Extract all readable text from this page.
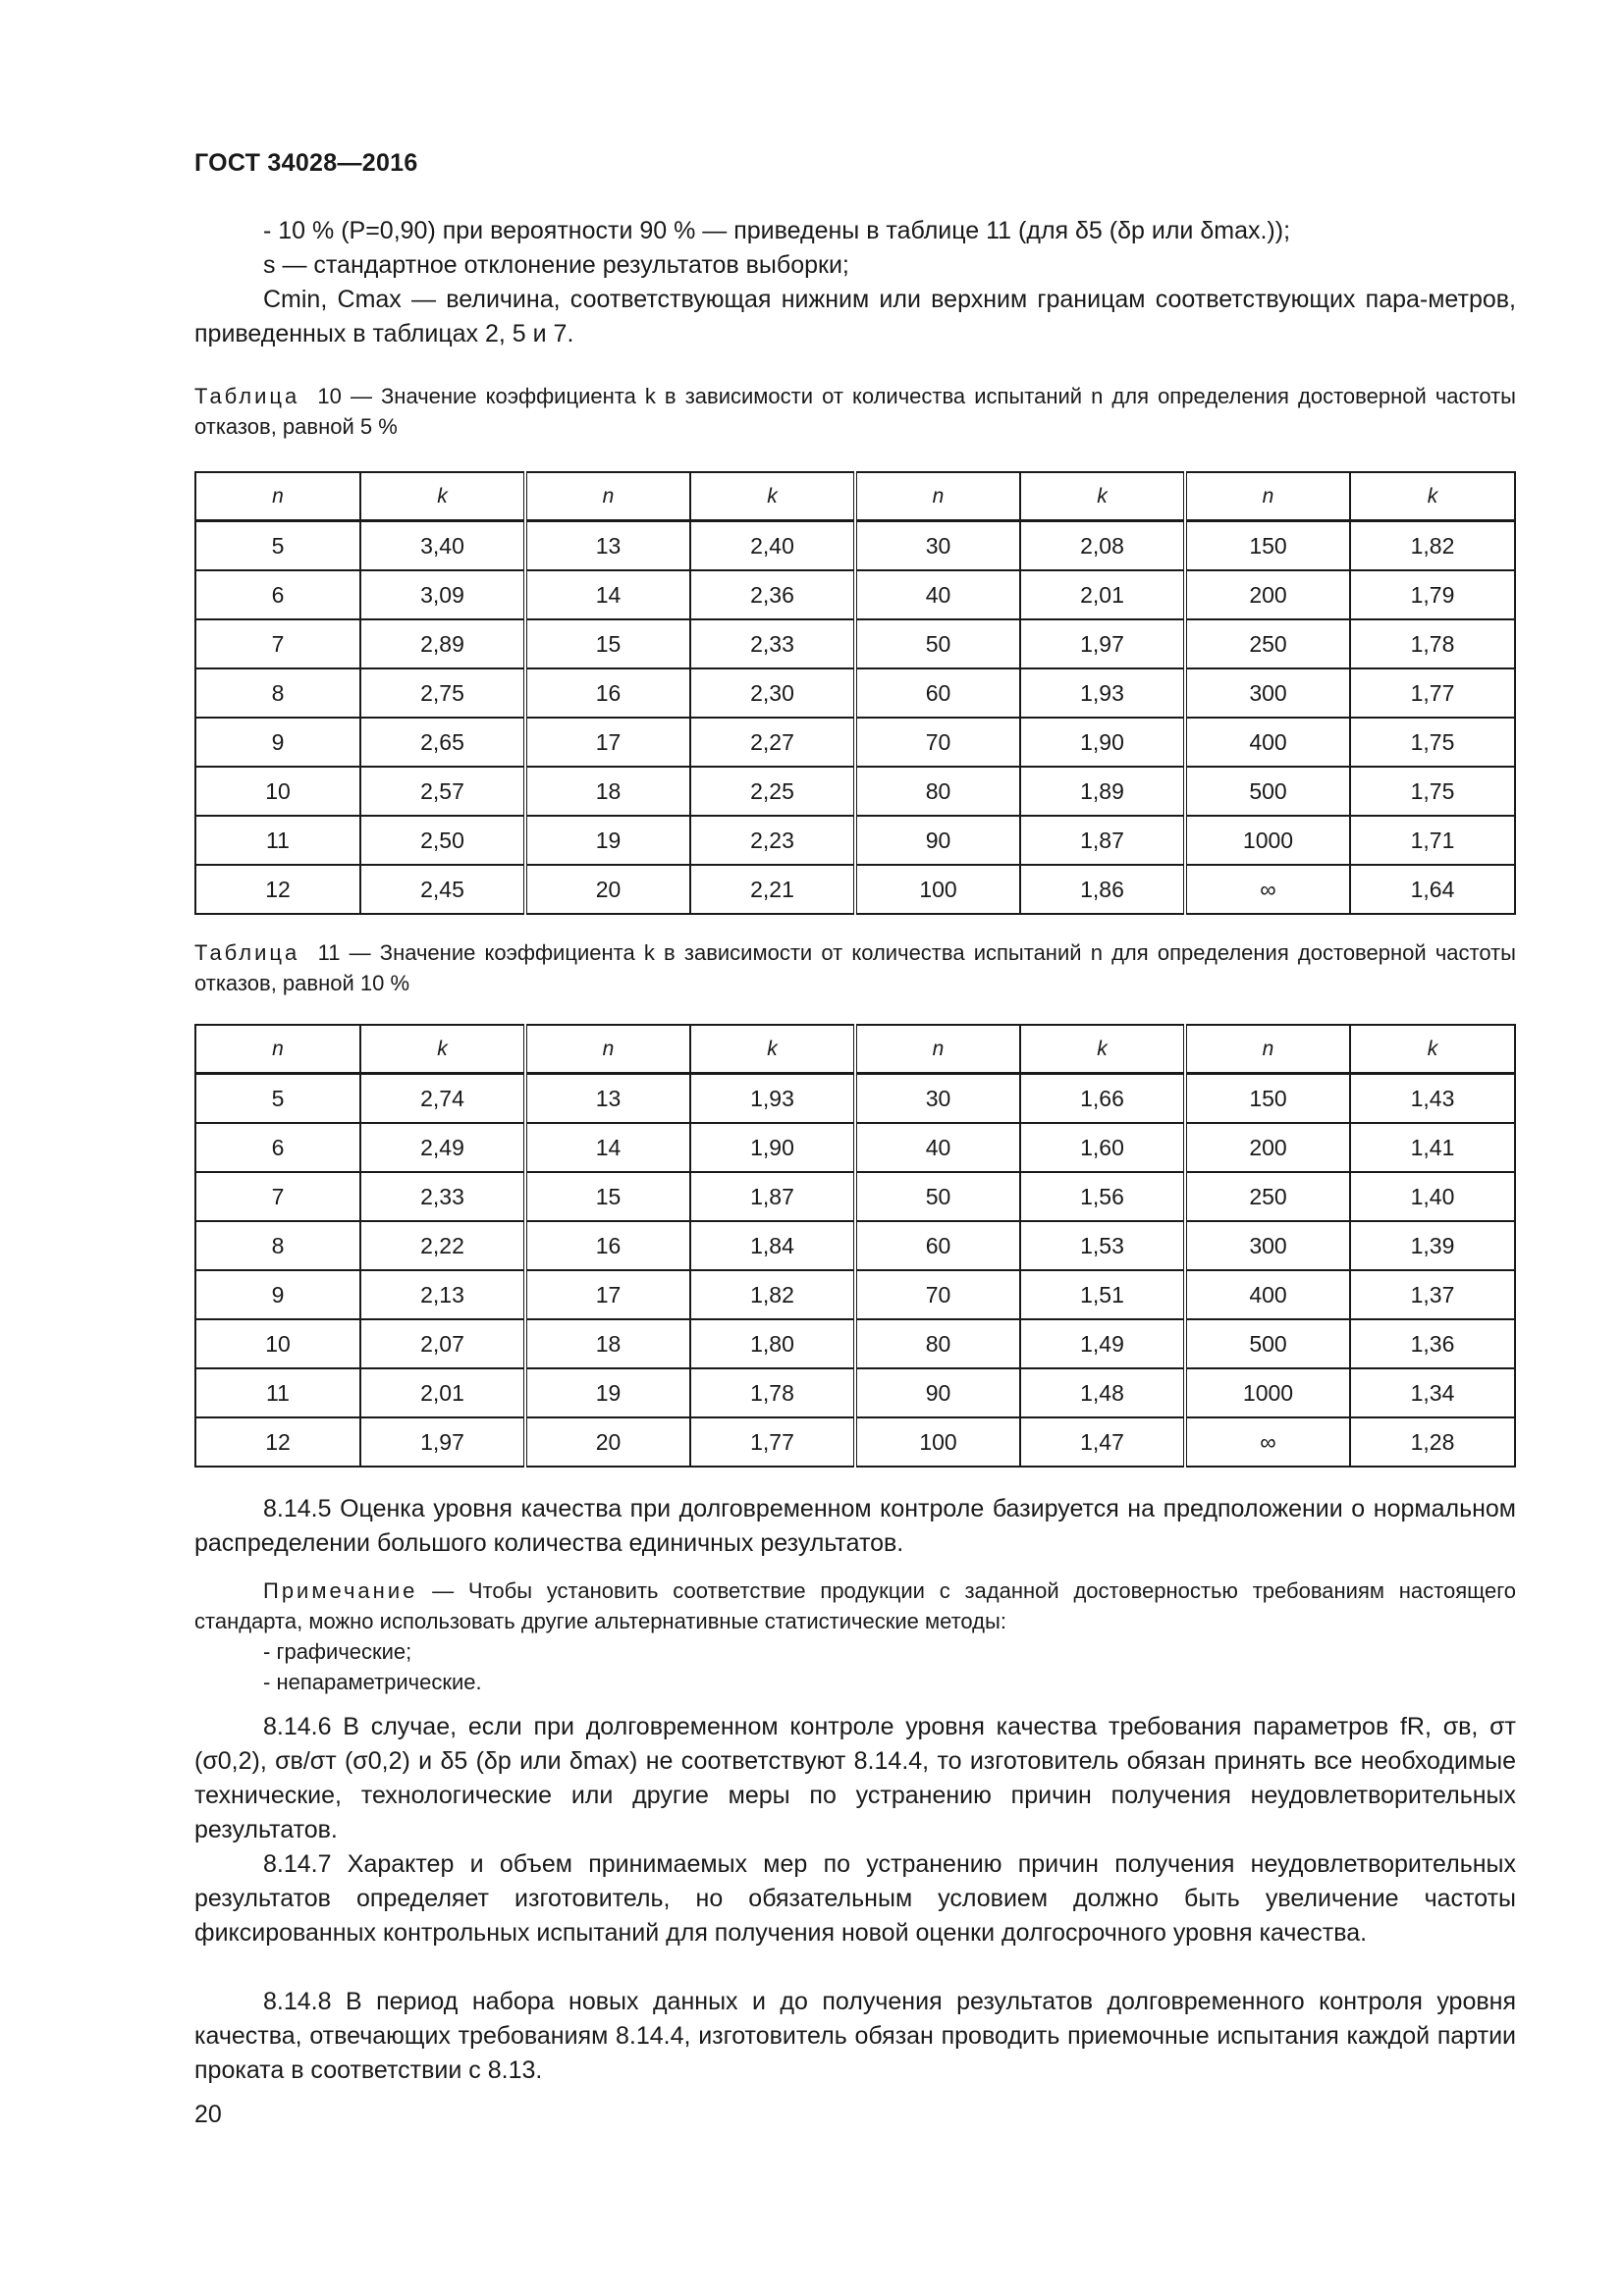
ГОСТ 34028—2016
- 10 % (P=0,90) при вероятности 90 % — приведены в таблице 11 (для δ5 (δp или δmax.));
s — стандартное отклонение результатов выборки;
Cmin, Cmax — величина, соответствующая нижним или верхним границам соответствующих пара-метров, приведенных в таблицах 2, 5 и 7.
Таблица 10 — Значение коэффициента k в зависимости от количества испытаний n для определения достоверной частоты отказов, равной 5 %
n	k	n	k	n	k	n	k
5	3,40	13	2,40	30	2,08	150	1,82
6	3,09	14	2,36	40	2,01	200	1,79
7	2,89	15	2,33	50	1,97	250	1,78
8	2,75	16	2,30	60	1,93	300	1,77
9	2,65	17	2,27	70	1,90	400	1,75
10	2,57	18	2,25	80	1,89	500	1,75
11	2,50	19	2,23	90	1,87	1000	1,71
12	2,45	20	2,21	100	1,86	∞	1,64
Таблица 11 — Значение коэффициента k в зависимости от количества испытаний n для определения достоверной частоты отказов, равной 10 %
n	k	n	k	n	k	n	k
5	2,74	13	1,93	30	1,66	150	1,43
6	2,49	14	1,90	40	1,60	200	1,41
7	2,33	15	1,87	50	1,56	250	1,40
8	2,22	16	1,84	60	1,53	300	1,39
9	2,13	17	1,82	70	1,51	400	1,37
10	2,07	18	1,80	80	1,49	500	1,36
11	2,01	19	1,78	90	1,48	1000	1,34
12	1,97	20	1,77	100	1,47	∞	1,28
8.14.5 Оценка уровня качества при долговременном контроле базируется на предположении о нормальном распределении большого количества единичных результатов.
Примечание — Чтобы установить соответствие продукции с заданной достоверностью требованиям настоящего стандарта, можно использовать другие альтернативные статистические методы:
- графические;
- непараметрические.
8.14.6 В случае, если при долговременном контроле уровня качества требования параметров fR, σв, σт (σ0,2), σв/σт (σ0,2) и δ5 (δp или δmax) не соответствуют 8.14.4, то изготовитель обязан принять все необходимые технические, технологические или другие меры по устранению причин получения неудовлетворительных результатов.
8.14.7 Характер и объем принимаемых мер по устранению причин получения неудовлетворительных результатов определяет изготовитель, но обязательным условием должно быть увеличение частоты фиксированных контрольных испытаний для получения новой оценки долгосрочного уровня качества.
8.14.8 В период набора новых данных и до получения результатов долговременного контроля уровня качества, отвечающих требованиям 8.14.4, изготовитель обязан проводить приемочные испытания каждой партии проката в соответствии с 8.13.
20
